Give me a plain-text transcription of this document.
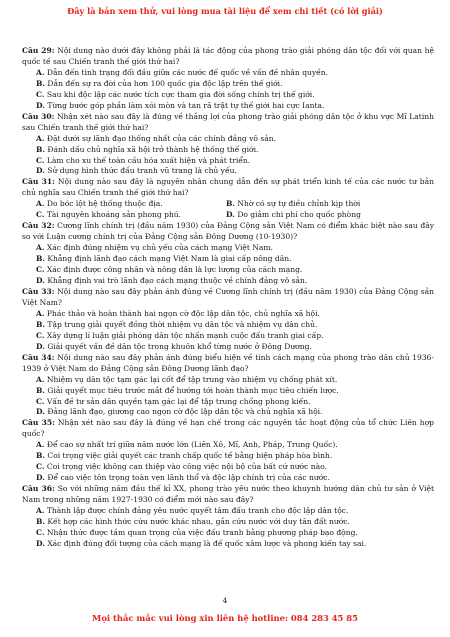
Đây là bản xem thử, vui lòng mua tài liệu để xem chi tiết (có lời giải)
Câu 29: Nội dung nào dưới đây không phải là tác động của phong trào giải phóng dân tộc đối với quan hệ quốc tế sau Chiến tranh thế giới thứ hai?
A. Dẫn đến tình trạng đối đầu giữa các nước đế quốc về vấn đề nhân quyền.
B. Dẫn đến sự ra đời của hơn 100 quốc gia độc lập trên thế giới.
C. Sau khi độc lập các nước tích cực tham gia đời sống chính trị thế giới.
D. Từng bước góp phần làm xói mòn và tan rã trật tự thế giới hai cực Ianta.
Câu 30: Nhận xét nào sau đây là đúng về thắng lợi của phong trào giải phóng dân tộc ở khu vực Mĩ Latinh sau Chiến tranh thế giới thứ hai?
A. Đặt dưới sự lãnh đạo thống nhất của các chính đảng vô sản.
B. Đánh dấu chủ nghĩa xã hội trở thành hệ thống thế giới.
C. Làm cho xu thế toàn cầu hóa xuất hiện và phát triển.
D. Sử dụng hình thức đấu tranh vũ trang là chủ yếu.
Câu 31: Nội dung nào sau đây là nguyên nhân chung dẫn đến sự phát triển kinh tế của các nước tư bản chủ nghĩa sau Chiến tranh thế giới thứ hai?
A. Do bóc lột hệ thống thuộc địa.	B. Nhờ có sự tự điều chỉnh kịp thời
C. Tài nguyên khoáng sản phong phú.	D. Do giảm chi phí cho quốc phòng
Câu 32: Cương lĩnh chính trị (đầu năm 1930) của Đảng Cộng sản Việt Nam có điểm khác biệt nào sau đây so với Luận cương chính trị của Đảng Cộng sản Đông Dương (10-1930)?
A. Xác định đúng nhiệm vụ chủ yếu của cách mạng Việt Nam.
B. Khẳng định lãnh đạo cách mạng Việt Nam là giai cấp nông dân.
C. Xác định được công nhân và nông dân là lực lượng của cách mạng.
D. Khẳng định vai trò lãnh đạo cách mạng thuộc về chính đảng vô sản.
Câu 33: Nội dung nào sau đây phản ánh đúng về Cương lĩnh chính trị (đầu năm 1930) của Đảng Cộng sản Việt Nam?
A. Phác thảo và hoàn thành hai ngọn cờ độc lập dân tộc, chủ nghĩa xã hội.
B. Tập trung giải quyết đồng thời nhiệm vụ dân tộc và nhiệm vụ dân chủ.
C. Xây dựng lí luận giải phóng dân tộc nhấn mạnh cuộc đấu tranh giai cấp.
D. Giải quyết vấn đề dân tộc trong khuôn khổ từng nước ở Đông Dương.
Câu 34: Nội dung nào sau đây phản ánh đúng biểu hiện về tính cách mạng của phong trào dân chủ 1936-1939 ở Việt Nam do Đảng Cộng sản Đông Dương lãnh đạo?
A. Nhiệm vụ dân tộc tạm gác lại cốt để tập trung vào nhiệm vụ chống phát xít.
B. Giải quyết mục tiêu trước mắt để hướng tới hoàn thành mục tiêu chiến lược.
C. Vấn đề tư sản dân quyền tạm gác lại để tập trung chống phong kiến.
D. Đảng lãnh đạo, giương cao ngọn cờ độc lập dân tộc và chủ nghĩa xã hội.
Câu 35: Nhận xét nào sau đây là đúng về hạn chế trong các nguyên tắc hoạt động của tổ chức Liên hợp quốc?
A. Để cao sự nhất trí giữa năm nước lớn (Liên Xô, Mĩ, Anh, Pháp, Trung Quốc).
B. Coi trọng việc giải quyết các tranh chấp quốc tế bằng biện pháp hòa bình.
C. Coi trọng việc không can thiệp vào công việc nội bộ của bất cứ nước nào.
D. Để cao việc tôn trọng toàn vẹn lãnh thổ và độc lập chính trị của các nước.
Câu 36: So với những năm đầu thế kỉ XX, phong trào yêu nước theo khuynh hướng dân chủ tư sản ở Việt Nam trong những năm 1927-1930 có điểm mới nào sau đây?
A. Thành lập được chính đảng yêu nước quyết tâm đấu tranh cho độc lập dân tộc.
B. Kết hợp các hình thức cứu nước khác nhau, gắn cứu nước với duy tân đất nước.
C. Nhận thức được tầm quan trọng của việc đấu tranh bằng phương pháp bạo động.
D. Xác định đúng đối tượng của cách mạng là đế quốc xâm lược và phong kiến tay sai.
4
Mọi thắc mắc vui lòng xin liên hệ hotline: 084 283 45 85
